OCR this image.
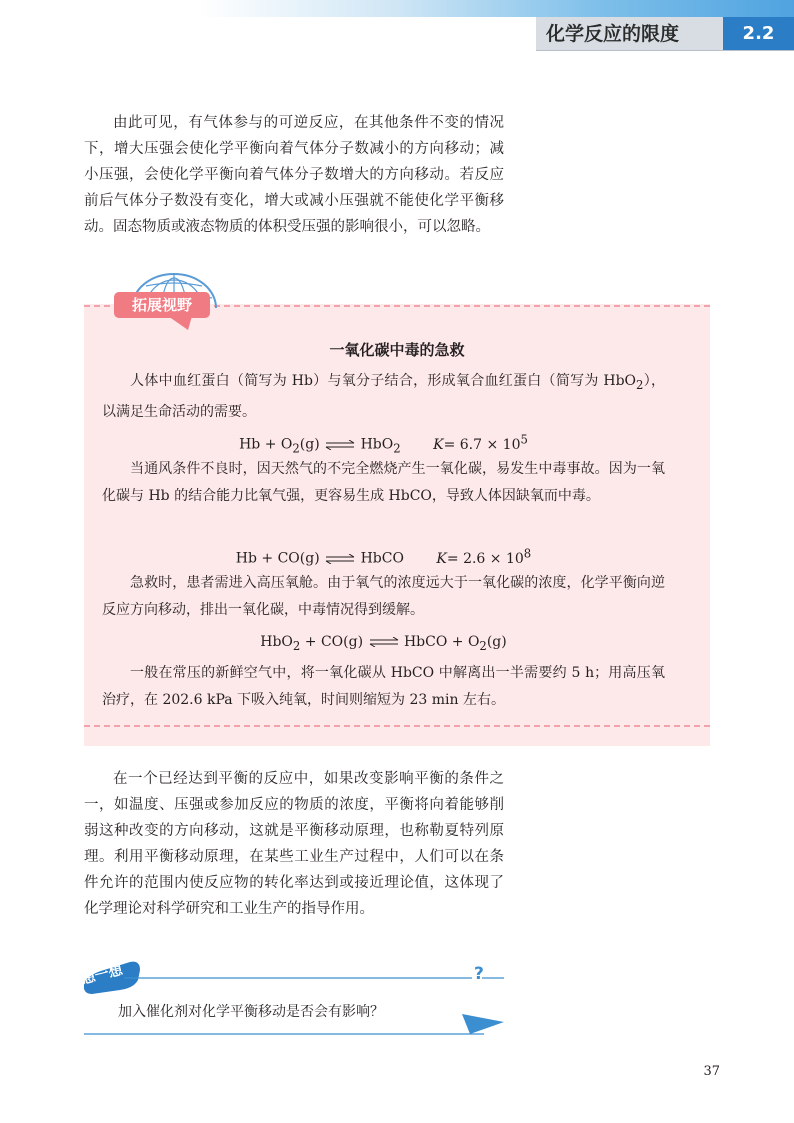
化学反应的限度	2.2

由此可见，有气体参与的可逆反应，在其他条件不变的情况下，增大压强会使化学平衡向着气体分子数减小的方向移动；减小压强，会使化学平衡向着气体分子数增大的方向移动。若反应前后气体分子数没有变化，增大或减小压强就不能使化学平衡移动。固态物质或液态物质的体积受压强的影响很小，可以忽略。

拓展视野
一氧化碳中毒的急救

人体中血红蛋白（简写为 Hb）与氧分子结合，形成氧合血红蛋白（简写为 HbO$_2$），以满足生命活动的需要。

$Hb + O_2(g)$ ⇌ HbO$_2$ $K= 6.7 \times 10^5$

当通风条件不良时，因天然气的不完全燃烧产生一氧化碳，易发生中毒事故。因为一氧化碳与 Hb 的结合能力比氧气强，更容易生成 HbCO，导致人体因缺氧而中毒。

Hb + CO(g) ⇌ HbCO $K= 2.6 \times 10^8$

急救时，患者需进入高压氧舱。由于氧气的浓度远大于一氧化碳的浓度，化学平衡向逆反应方向移动，排出一氧化碳，中毒情况得到缓解。

HbO$_2$ + CO(g) ⇌ HbCO + $O_2(g)$

一般在常压的新鲜空气中，将一氧化碳从 HbCO 中解离出一半需要约 5 h；用高压氧治疗，在 202.6 kPa 下吸入纯氧，时间则缩短为 23 min 左右。

在一个已经达到平衡的反应中，如果改变影响平衡的条件之一，如温度、压强或参加反应的物质的浓度，平衡将向着能够削弱这种改变的方向移动，这就是平衡移动原理，也称勒夏特列原理。利用平衡移动原理，在某些工业生产过程中，人们可以在条件允许的范围内使反应物的转化率达到或接近理论值，这体现了化学理论对科学研究和工业生产的指导作用。

想一想	?
加入催化剂对化学平衡移动是否会有影响？
37
